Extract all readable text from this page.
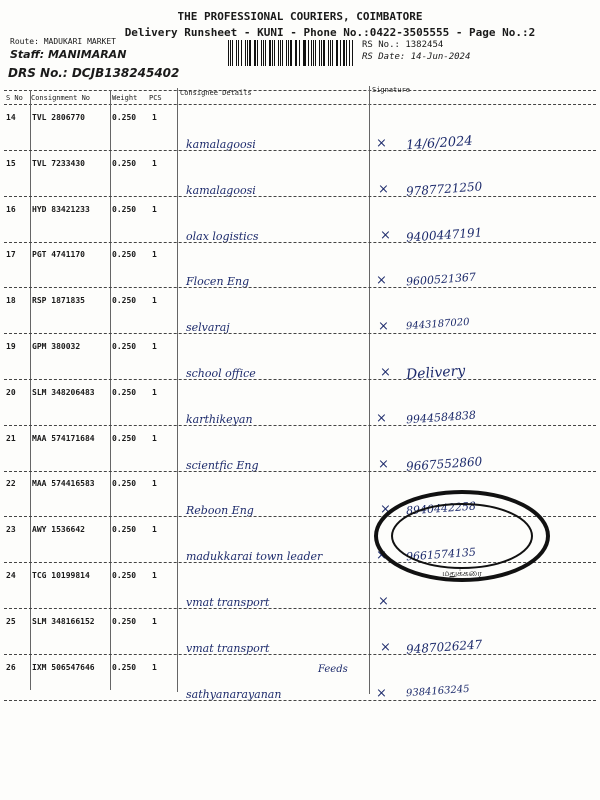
THE PROFESSIONAL COURIERS, COIMBATORE
Delivery Runsheet - KUNI - Phone No.:0422-3505555 - Page No.:2
Route: MADUKARI MARKET
Staff: MANIMARAN
DRS No.: DCJB138245402
RS No.: 1382454
RS Date: 14-Jun-2024
S No Consignment No	Weight PCS
Consignee Details	Signature
14 TVL 2806770	0.250 1
kamalagoosi	14/6/2024
×
15 TVL 7233430	0.250 1
kamalagoosi	9787721250
×
16 HYD 83421233	0.250 1
olax logistics	9400447191
×
17 PGT 4741170	0.250 1
Flocen Eng	9600521367
×
18 RSP 1871835	0.250 1
selvaraj	9443187020
×
19 GPM 380032	0.250 1
school office	Delivery
×
20 SLM 348206483 0.250 1
karthikeyan	9944584838
×
21 MAA 574171684 0.250 1
scientfic Eng	9667552860
×
22 MAA 574416583 0.250 1
Reboon Eng	8940442258
×
23 AWY 1536642	0.250 1
madukkarai town leader	9661574135
×
24 TCG 10199814	0.250 1
vmat transport	×
25 SLM 348166152 0.250 1
vmat transport	9487026247
×
26 IXM 506547646 0.250 1
sathyanarayanan	9384163245
×
Feeds
மதுக்கரை
